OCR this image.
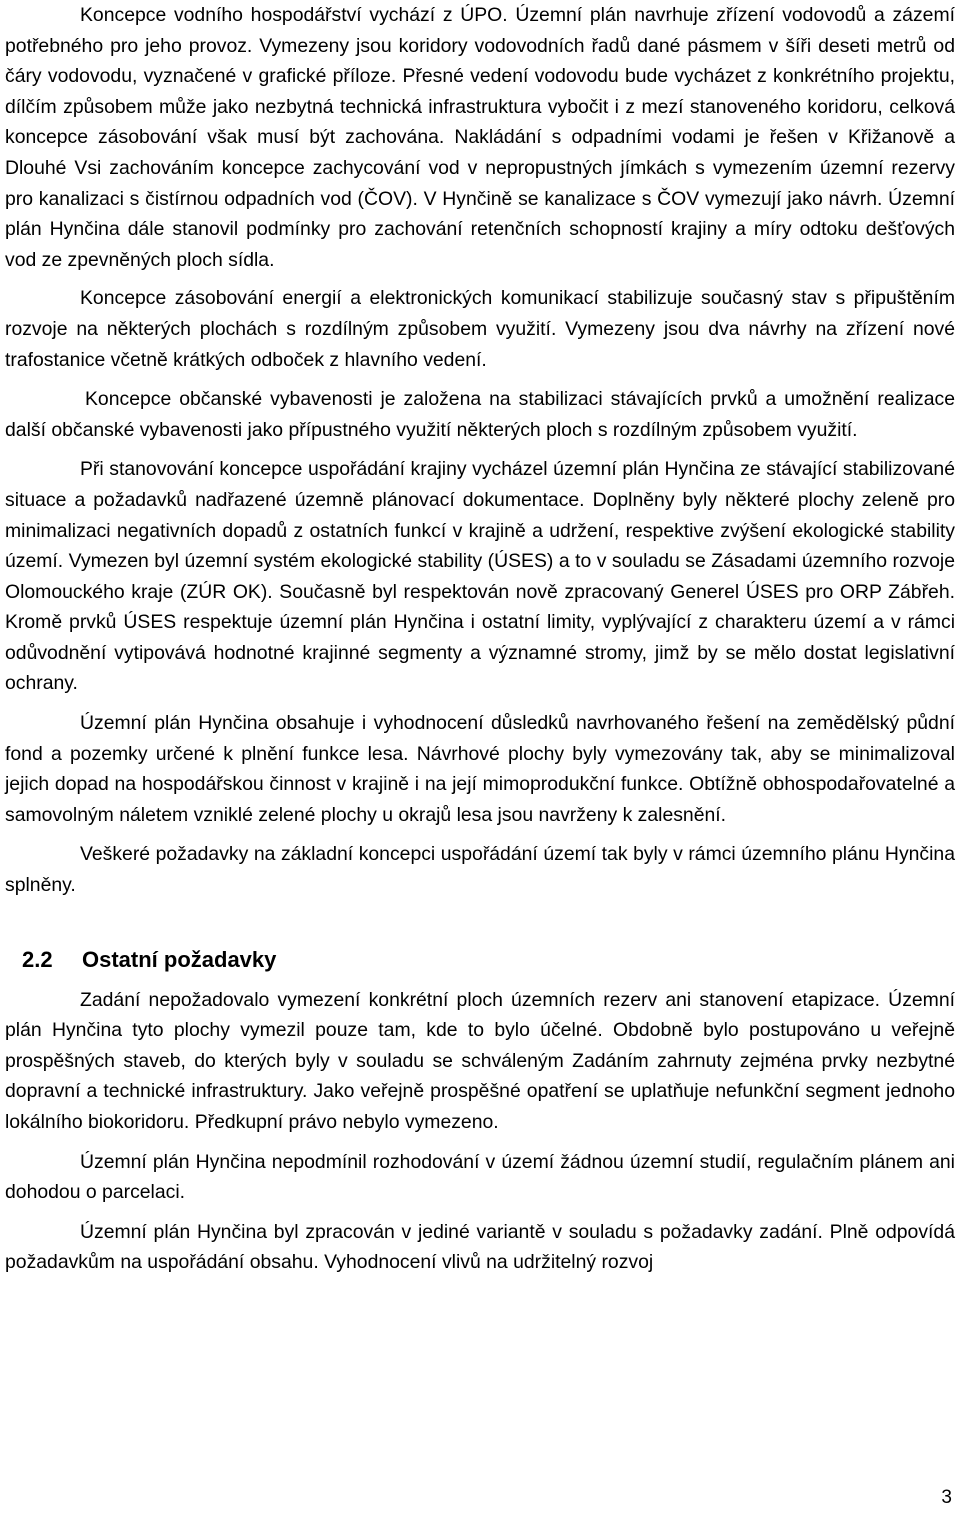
Koncepce vodního hospodářství vychází z ÚPO. Územní plán navrhuje zřízení vodovodů a zázemí potřebného pro jeho provoz. Vymezeny jsou koridory vodovodních řadů dané pásmem v šíři deseti metrů od čáry vodovodu, vyznačené v grafické příloze. Přesné vedení vodovodu bude vycházet z konkrétního projektu, dílčím způsobem může jako nezbytná technická infrastruktura vybočit i z mezí stanoveného koridoru, celková koncepce zásobování však musí být zachována. Nakládání s odpadními vodami je řešen v Křižanově a Dlouhé Vsi zachováním koncepce zachycování vod v nepropustných jímkách s vymezením územní rezervy pro kanalizaci s čistírnou odpadních vod (ČOV). V Hynčině se kanalizace s ČOV vymezují jako návrh. Územní plán Hynčina dále stanovil podmínky pro zachování retenčních schopností krajiny a míry odtoku dešťových vod ze zpevněných ploch sídla.

Koncepce zásobování energií a elektronických komunikací stabilizuje současný stav s připuštěním rozvoje na některých plochách s rozdílným způsobem využití. Vymezeny jsou dva návrhy na zřízení nové trafostanice včetně krátkých odboček z hlavního vedení.

Koncepce občanské vybavenosti je založena na stabilizaci stávajících prvků a umožnění realizace další občanské vybavenosti jako přípustného využití některých ploch s rozdílným způsobem využití.

Při stanovování koncepce uspořádání krajiny vycházel územní plán Hynčina ze stávající stabilizované situace a požadavků nadřazené územně plánovací dokumentace. Doplněny byly některé plochy zeleně pro minimalizaci negativních dopadů z ostatních funkcí v krajině a udržení, respektive zvýšení ekologické stability území. Vymezen byl územní systém ekologické stability (ÚSES) a to v souladu se Zásadami územního rozvoje Olomouckého kraje (ZÚR OK). Současně byl respektován nově zpracovaný Generel ÚSES pro ORP Zábřeh. Kromě prvků ÚSES respektuje územní plán Hynčina i ostatní limity, vyplývající z charakteru území a v rámci odůvodnění vytipovává hodnotné krajinné segmenty a významné stromy, jimž by se mělo dostat legislativní ochrany.

Územní plán Hynčina obsahuje i vyhodnocení důsledků navrhovaného řešení na zemědělský půdní fond a pozemky určené k plnění funkce lesa. Návrhové plochy byly vymezovány tak, aby se minimalizoval jejich dopad na hospodářskou činnost v krajině i na její mimoprodukční funkce. Obtížně obhospodařovatelné a samovolným náletem vzniklé zelené plochy u okrajů lesa jsou navrženy k zalesnění.

Veškeré požadavky na základní koncepci uspořádání území tak byly v rámci územního plánu Hynčina splněny.

2.2 Ostatní požadavky

Zadání nepožadovalo vymezení konkrétní ploch územních rezerv ani stanovení etapizace. Územní plán Hynčina tyto plochy vymezil pouze tam, kde to bylo účelné. Obdobně bylo postupováno u veřejně prospěšných staveb, do kterých byly v souladu se schváleným Zadáním zahrnuty zejména prvky nezbytné dopravní a technické infrastruktury. Jako veřejně prospěšné opatření se uplatňuje nefunkční segment jednoho lokálního biokoridoru. Předkupní právo nebylo vymezeno.

Územní plán Hynčina nepodmínil rozhodování v území žádnou územní studií, regulačním plánem ani dohodou o parcelaci.

Územní plán Hynčina byl zpracován v jediné variantě v souladu s požadavky zadání. Plně odpovídá požadavkům na uspořádání obsahu. Vyhodnocení vlivů na udržitelný rozvoj

3
